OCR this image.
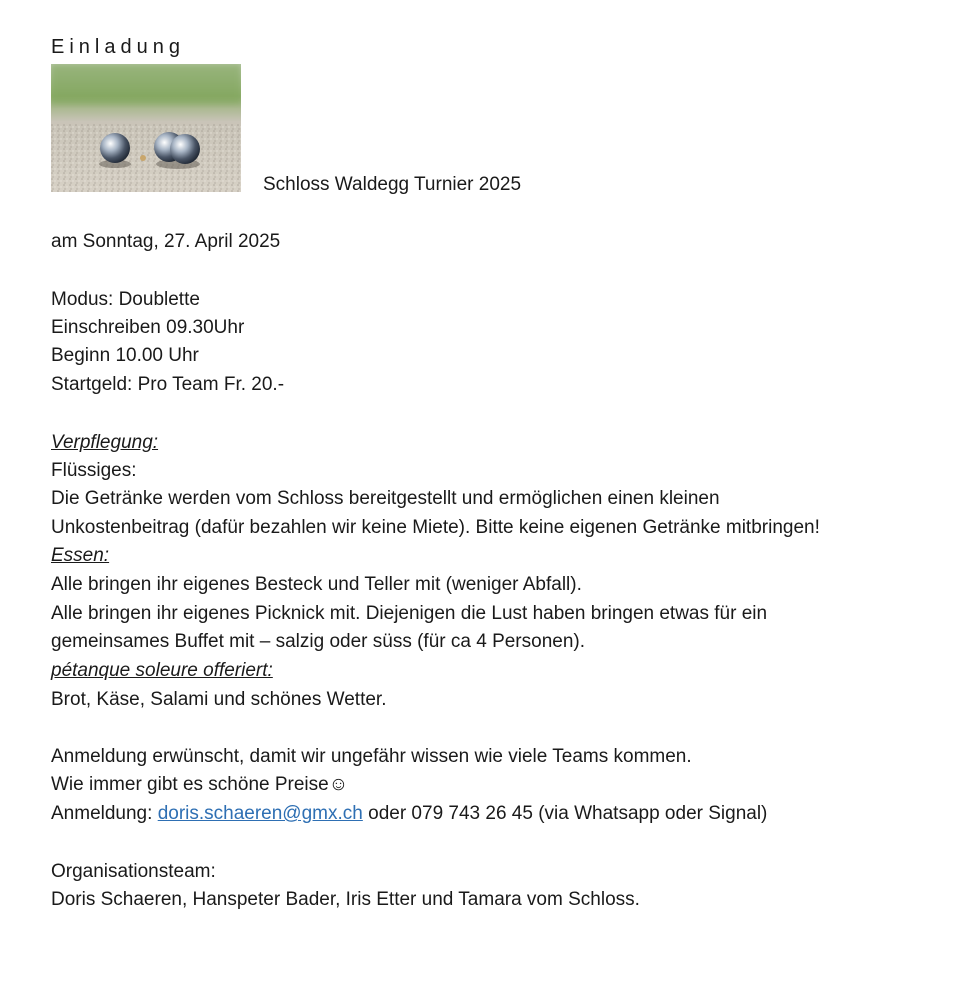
Einladung
Schloss Waldegg Turnier 2025
am Sonntag, 27. April 2025
Modus: Doublette
Einschreiben 09.30Uhr
Beginn 10.00 Uhr
Startgeld: Pro Team Fr. 20.-
Verpflegung:
Flüssiges:
Die Getränke werden vom Schloss bereitgestellt und ermöglichen einen kleinen
Unkostenbeitrag (dafür bezahlen wir keine Miete). Bitte keine eigenen Getränke mitbringen!
Essen:
Alle bringen ihr eigenes Besteck und Teller mit (weniger Abfall).
Alle bringen ihr eigenes Picknick mit. Diejenigen die Lust haben bringen etwas für ein
gemeinsames Buffet mit – salzig oder süss (für ca 4 Personen).
pétanque soleure offeriert:
Brot, Käse, Salami und schönes Wetter.
Anmeldung erwünscht, damit wir ungefähr wissen wie viele Teams kommen.
Wie immer gibt es schöne Preise☺
Anmeldung: doris.schaeren@gmx.ch oder 079 743 26 45 (via Whatsapp oder Signal)
Organisationsteam:
Doris Schaeren, Hanspeter Bader, Iris Etter und Tamara vom Schloss.
